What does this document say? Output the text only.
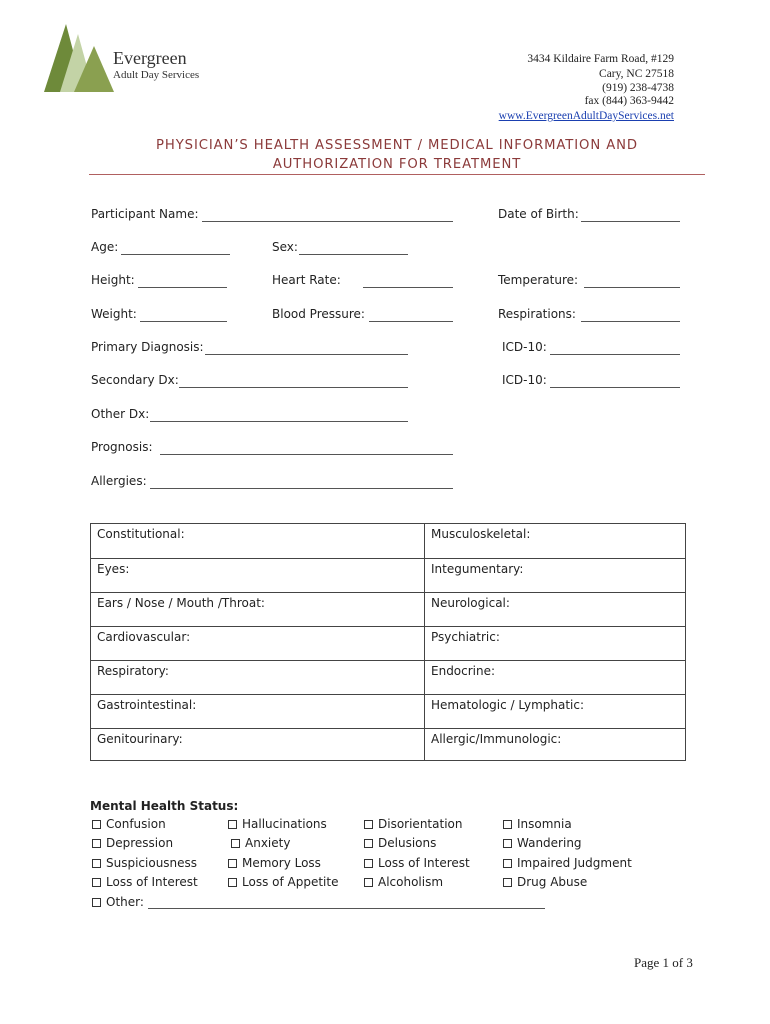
Evergreen
Adult Day Services
3434 Kildaire Farm Road, #129
Cary, NC 27518
(919) 238-4738
fax (844) 363-9442
www.EvergreenAdultDayServices.net
PHYSICIAN’S HEALTH ASSESSMENT / MEDICAL INFORMATION AND
AUTHORIZATION FOR TREATMENT
Participant Name:	Date of Birth:
Age:	Sex:
Height:	Heart Rate:	Temperature:
Weight:	Blood Pressure:	Respirations:
Primary Diagnosis:	ICD-10:
Secondary Dx:	ICD-10:
Other Dx:
Prognosis:
Allergies:
Constitutional:	Musculoskeletal:
Eyes:	Integumentary:
Ears / Nose / Mouth /Throat:	Neurological:
Cardiovascular:	Psychiatric:
Respiratory:	Endocrine:
Gastrointestinal:	Hematologic / Lymphatic:
Genitourinary:	Allergic/Immunologic:
Mental Health Status:
Confusion
Depression
Suspiciousness
Loss of Interest
Hallucinations
Anxiety
Memory Loss
Loss of Appetite
Disorientation
Delusions
Loss of Interest
Alcoholism
Insomnia
Wandering
Impaired Judgment
Drug Abuse
Other:
Page 1 of 3
